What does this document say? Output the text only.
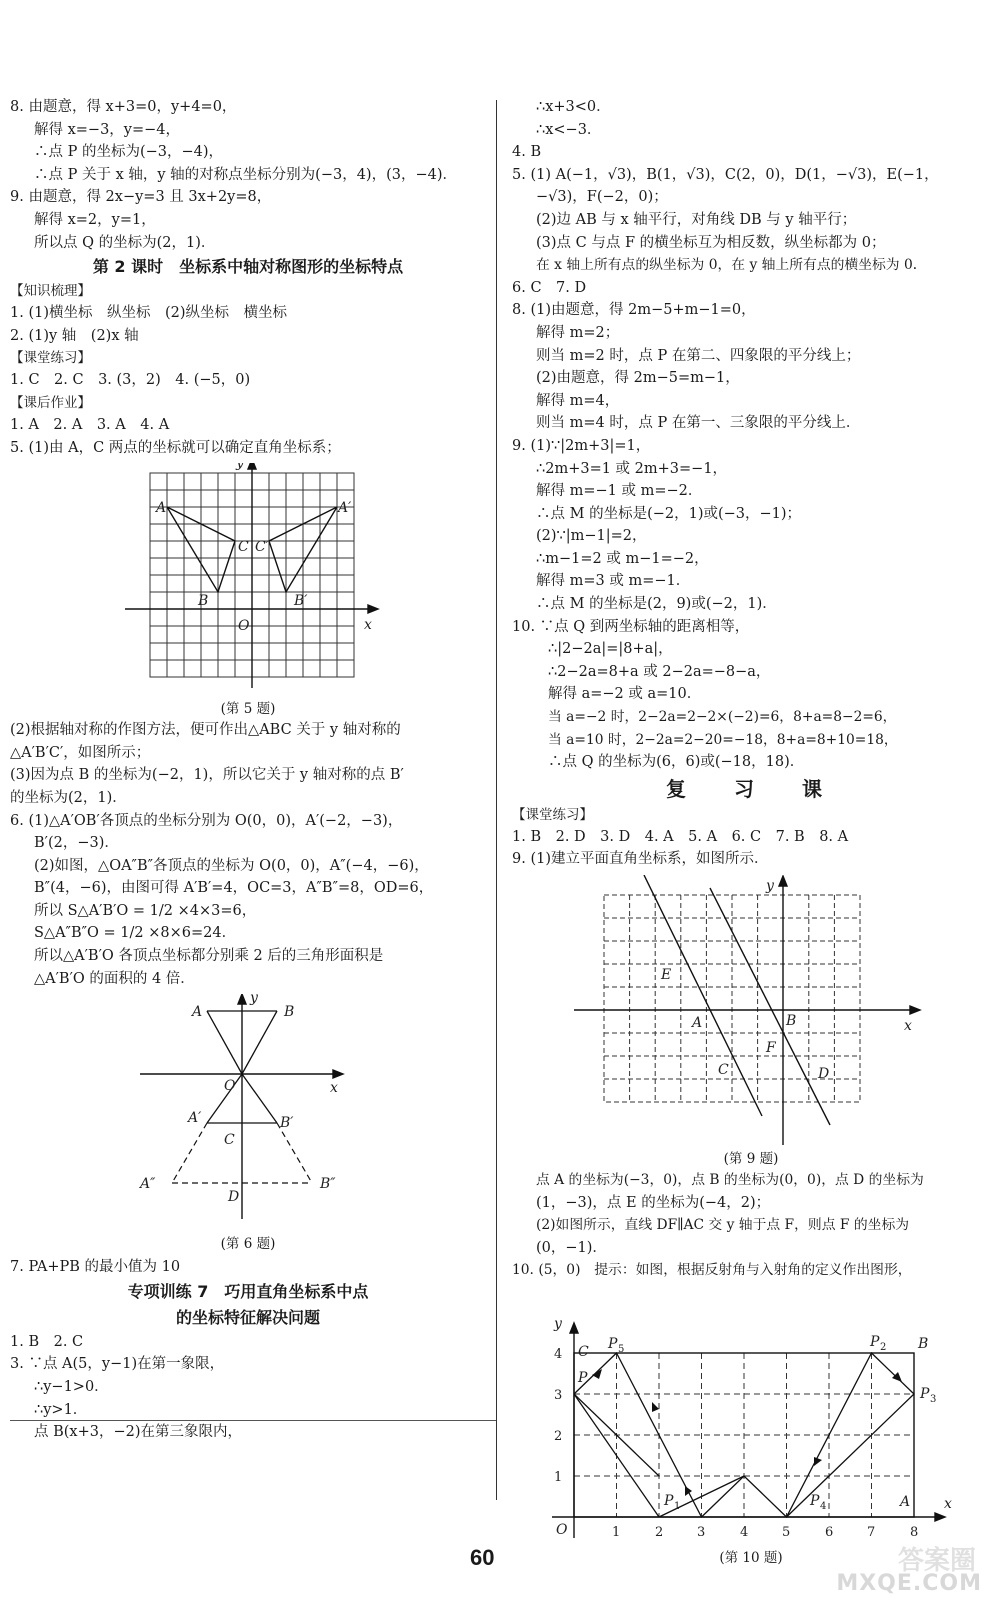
8. 由题意，得 x+3=0，y+4=0，
解得 x=−3，y=−4，
∴点 P 的坐标为(−3，−4)，
∴点 P 关于 x 轴，y 轴的对称点坐标分别为(−3，4)，(3，−4)．
9. 由题意，得 2x−y=3 且 3x+2y=8，
解得 x=2，y=1，
所以点 Q 的坐标为(2，1)．
第 2 课时　坐标系中轴对称图形的坐标特点
【知识梳理】
1. (1)横坐标　纵坐标　(2)纵坐标　横坐标
2. (1)y 轴　(2)x 轴
【课堂练习】
1. C　2. C　3. (3，2)　4. (−5，0)
【课后作业】
1. A　2. A　3. A　4. A
5. (1)由 A，C 两点的坐标就可以确定直角坐标系；
A	A′
C C′
B	B′
O	x
y
(第 5 题)
(2)根据轴对称的作图方法，便可作出△ABC 关于 y 轴对称的
△A′B′C′，如图所示；
(3)因为点 B 的坐标为(−2，1)，所以它关于 y 轴对称的点 B′
的坐标为(2，1)．
6. (1)△A′OB′各顶点的坐标分别为 O(0，0)，A′(−2，−3)，
B′(2，−3)．
(2)如图，△OA″B″各顶点的坐标为 O(0，0)，A″(−4，−6)，
B″(4，−6)，由图可得 A′B′=4，OC=3，A″B″=8，OD=6，
所以 S△A′B′O = 1/2 ×4×3=6，
S△A″B″O = 1/2 ×8×6=24．
所以△A′B′O 各顶点坐标都分别乘 2 后的三角形面积是
△A′B′O 的面积的 4 倍．
A	B
O	x
y
A′	B′
C
A″	B″
D
(第 6 题)
7. PA+PB 的最小值为 10
专项训练 7　巧用直角坐标系中点
的坐标特征解决问题
1. B　2. C
3. ∵点 A(5，y−1)在第一象限，
∴y−1>0．
∴y>1．
点 B(x+3，−2)在第三象限内，
∴x+3<0．
∴x<−3．
4. B
5. (1) A(−1，√3)，B(1，√3)，C(2，0)，D(1，−√3)，E(−1，
−√3)，F(−2，0)；
(2)边 AB 与 x 轴平行，对角线 DB 与 y 轴平行；
(3)点 C 与点 F 的横坐标互为相反数，纵坐标都为 0；
在 x 轴上所有点的纵坐标为 0，在 y 轴上所有点的横坐标为 0．
6. C　7. D
8. (1)由题意，得 2m−5+m−1=0，
解得 m=2；
则当 m=2 时，点 P 在第二、四象限的平分线上；
(2)由题意，得 2m−5=m−1，
解得 m=4，
则当 m=4 时，点 P 在第一、三象限的平分线上．
9. (1)∵|2m+3|=1，
∴2m+3=1 或 2m+3=−1，
解得 m=−1 或 m=−2．
∴点 M 的坐标是(−2，1)或(−3，−1)；
(2)∵|m−1|=2，
∴m−1=2 或 m−1=−2，
解得 m=3 或 m=−1．
∴点 M 的坐标是(2，9)或(−2，1)．
10. ∵点 Q 到两坐标轴的距离相等，
∴|2−2a|=|8+a|，
∴2−2a=8+a 或 2−2a=−8−a，
解得 a=−2 或 a=10．
当 a=−2 时，2−2a=2−2×(−2)=6，8+a=8−2=6，
当 a=10 时，2−2a=2−20=−18，8+a=8+10=18，
∴点 Q 的坐标为(6，6)或(−18，18)．
复　习　课
【课堂练习】
1. B　2. D　3. D　4. A　5. A　6. C　7. B　8. A
9. (1)建立平面直角坐标系，如图所示．
E
A	B
F
C	D
x
y
(第 9 题)
点 A 的坐标为(−3，0)，点 B 的坐标为(0，0)，点 D 的坐标为
(1，−3)，点 E 的坐标为(−4，2)；
(2)如图所示，直线 DF∥AC 交 y 轴于点 F，则点 F 的坐标为
(0，−1)．
10. (5，0)　提示：如图，根据反射角与入射角的定义作出图形，
C P 5	P 2 B
P
P 3
P 1	P 4	A
O
x
y
1	2	3	4	5	6	7	8
1
2
3
4
(第 10 题)
60	答案圈
MXQE.COM
